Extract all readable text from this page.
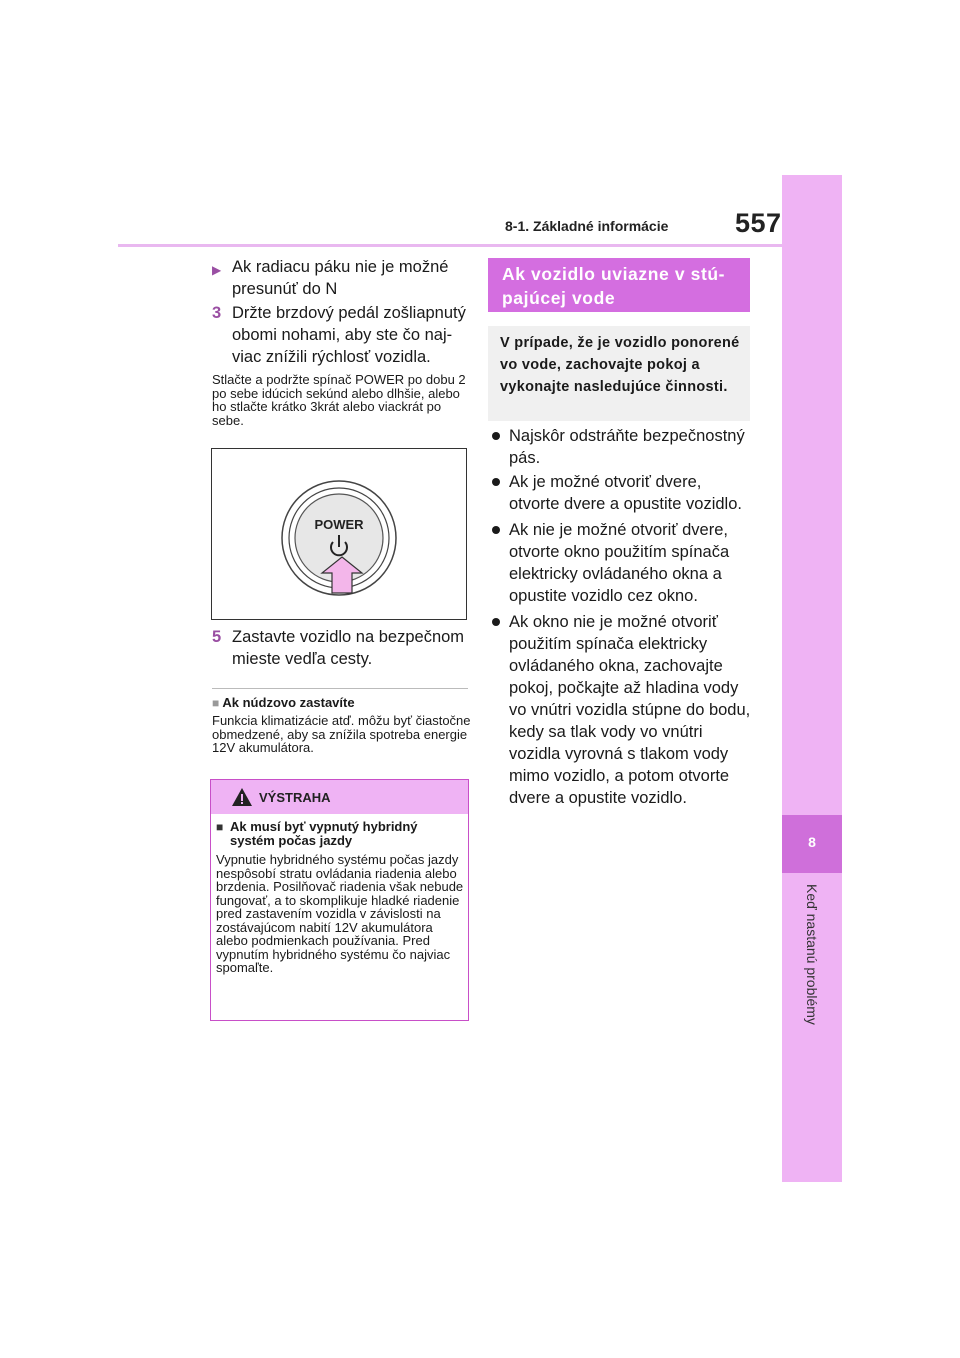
8-1. Základné informácie 557
8
Keď nastanú problémy
▶ Ak radiacu páku nie je možné presunúť do N
3 Držte brzdový pedál zošliapnutý obomi nohami, aby ste čo najviac znížili rýchlosť vozidla.
Stlačte a podržte spínač POWER po dobu 2 po sebe idúcich sekúnd alebo dlhšie, alebo ho stlačte krátko 3krát alebo viackrát po sebe.
POWER
5 Zastavte vozidlo na bezpečnom mieste vedľa cesty.
■ Ak núdzovo zastavíte
Funkcia klimatizácie atď. môžu byť čiastočne obmedzené, aby sa znížila spotreba energie 12V akumulátora.
VÝSTRAHA
■ Ak musí byť vypnutý hybridný systém počas jazdy
Vypnutie hybridného systému počas jazdy nespôsobí stratu ovládania riadenia alebo brzdenia. Posilňovač riadenia však nebude fungovať, a to skomplikuje hladké riadenie pred zastavením vozidla v závislosti na zostávajúcom nabití 12V akumulátora alebo podmienkach používania. Pred vypnutím hybridného systému čo najviac spomaľte.
Ak vozidlo uviazne v stúpajúcej vode
V prípade, že je vozidlo ponorené vo vode, zachovajte pokoj a vykonajte nasledujúce činnosti.
Najskôr odstráňte bezpečnostný pás.
Ak je možné otvoriť dvere, otvorte dvere a opustite vozidlo.
Ak nie je možné otvoriť dvere, otvorte okno použitím spínača elektricky ovládaného okna a opustite vozidlo cez okno.
Ak okno nie je možné otvoriť použitím spínača elektricky ovládaného okna, zachovajte pokoj, počkajte až hladina vody vo vnútri vozidla stúpne do bodu, kedy sa tlak vody vo vnútri vozidla vyrovná s tlakom vody mimo vozidlo, a potom otvorte dvere a opustite vozidlo.
